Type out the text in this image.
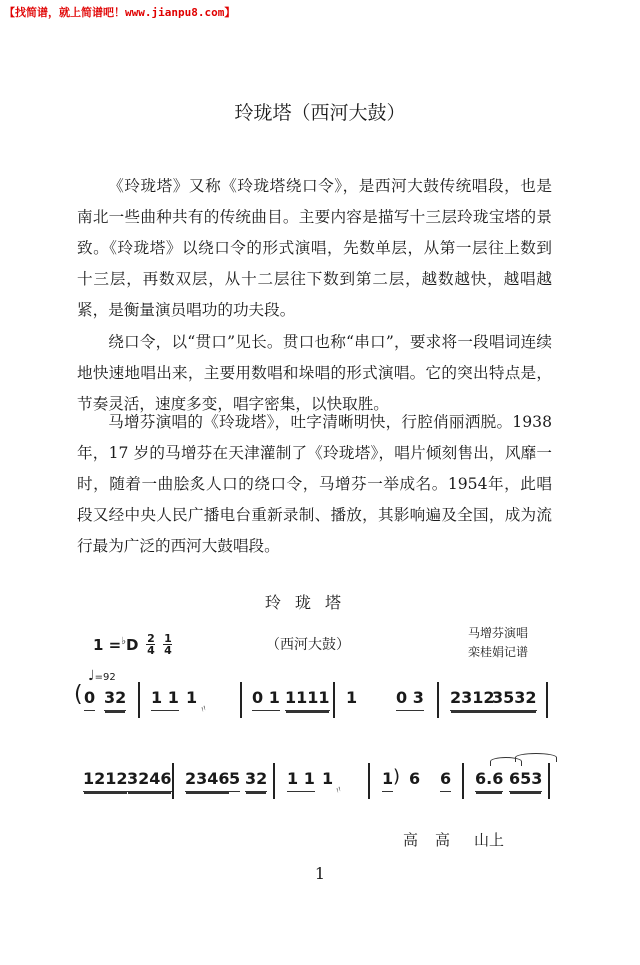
【找简谱，就上简谱吧！www.jianpu8.com】
玲珑塔（西河大鼓）

《玲珑塔》又称《玲珑塔绕口令》，是西河大鼓传统唱段，也是南北一些曲种共有的传统曲目。主要内容是描写十三层玲珑宝塔的景致。《玲珑塔》以绕口令的形式演唱，先数单层，从第一层往上数到十三层，再数双层，从十二层往下数到第二层，越数越快，越唱越紧，是衡量演员唱功的功夫段。

绕口令，以“贯口”见长。贯口也称“串口”，要求将一段唱词连续地快速地唱出来，主要用数唱和垛唱的形式演唱。它的突出特点是，节奏灵活，速度多变，唱字密集，以快取胜。

马增芬演唱的《玲珑塔》，吐字清晰明快，行腔俏丽洒脱。1938年，17 岁的马增芬在天津灌制了《玲珑塔》，唱片倾刻售出，风靡一时，随着一曲脍炙人口的绕口令，马增芬一举成名。1954年，此唱段又经中央人民广播电台重新录制、播放，其影响遍及全国，成为流行最为广泛的西河大鼓唱段。

玲珑塔
$1 =^♭D \frac{2}{4} \frac{1}{4}$	（西河大鼓）
马增芬演唱
栾桂娟记谱
♩=92
( 0 32 1 1 1
〃
0 1 1111 1 0 3 2312
3532
1212 3246 2346 5 32 1 1 1
〃
1 ) 6 6 6.6 653
高 高 山上
1
